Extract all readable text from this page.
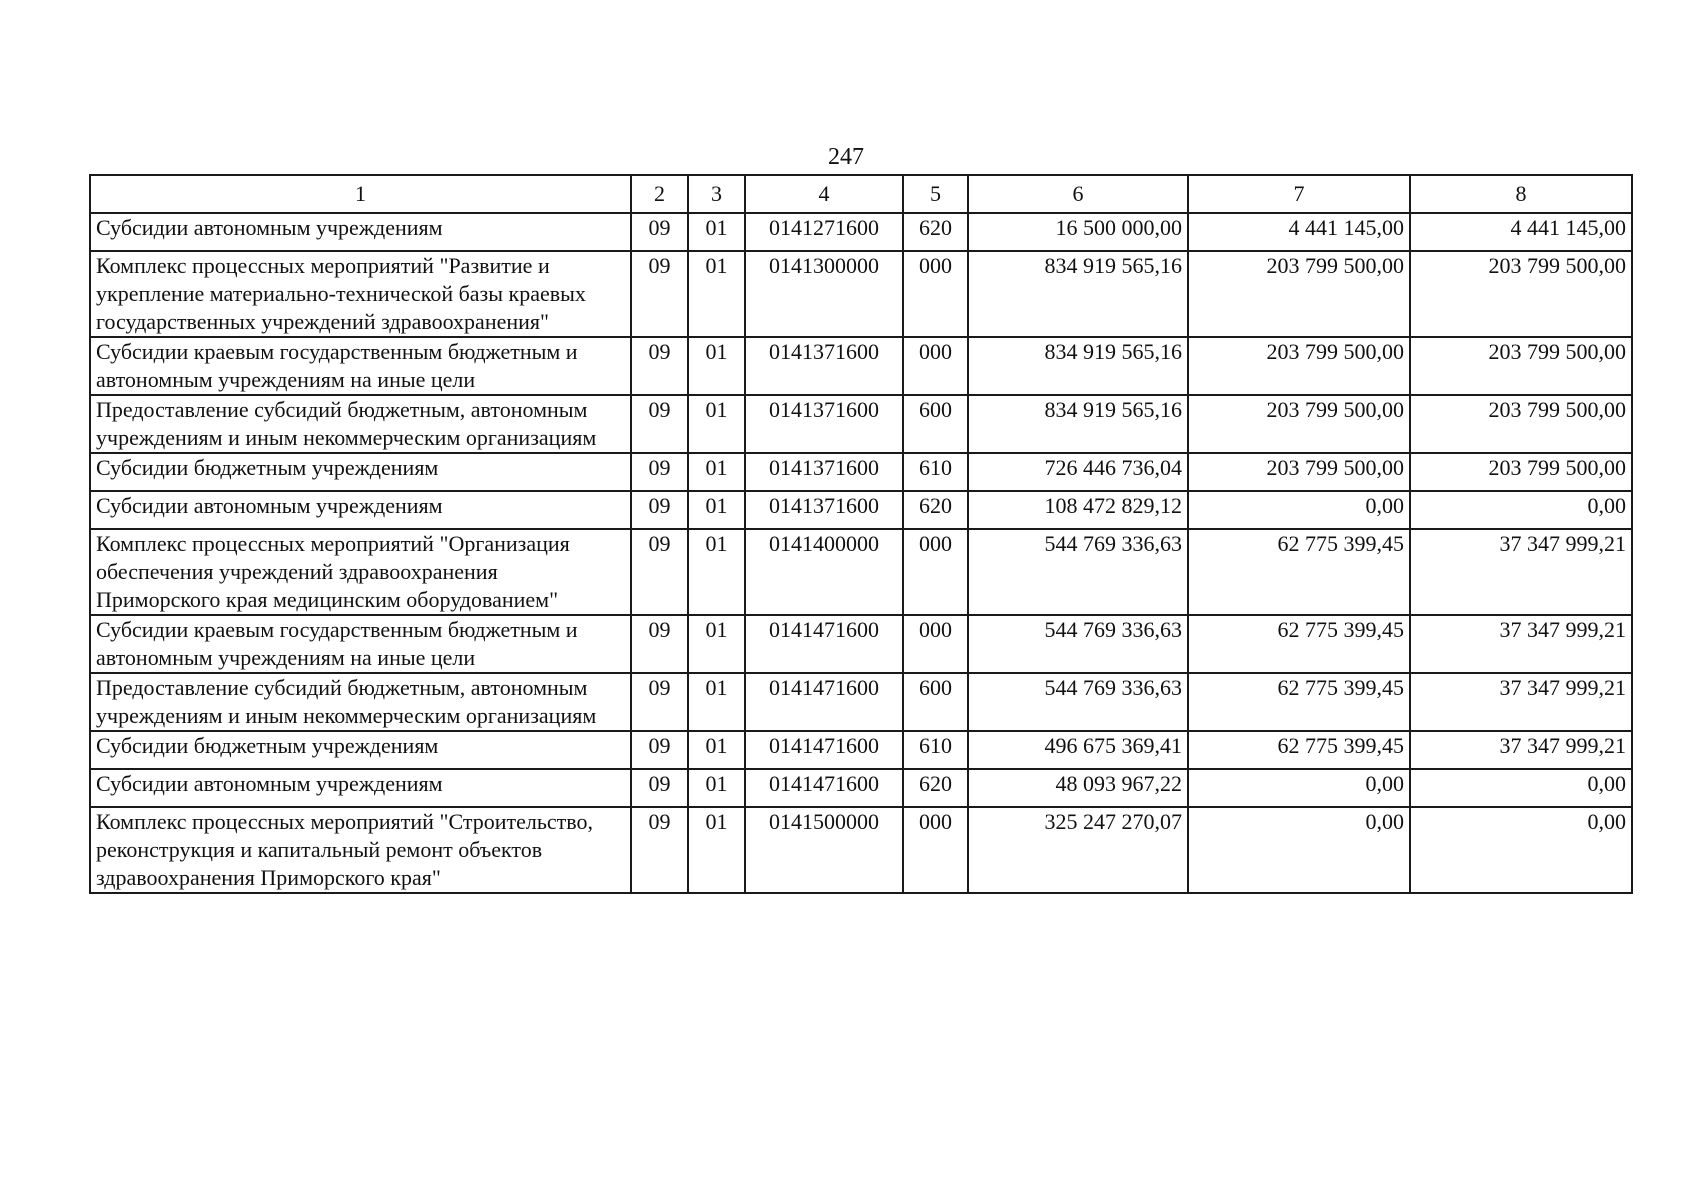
247
1	2	3	4	5	6	7	8
Субсидии автономным учреждениям	09	01	0141271600	620	16 500 000,00	4 441 145,00	4 441 145,00
Комплекс процессных мероприятий "Развитие и укрепление материально-технической базы краевых государственных учреждений здравоохранения"	09	01	0141300000	000	834 919 565,16	203 799 500,00	203 799 500,00
Субсидии краевым государственным бюджетным и автономным учреждениям на иные цели	09	01	0141371600	000	834 919 565,16	203 799 500,00	203 799 500,00
Предоставление субсидий бюджетным, автономным учреждениям и иным некоммерческим организациям	09	01	0141371600	600	834 919 565,16	203 799 500,00	203 799 500,00
Субсидии бюджетным учреждениям	09	01	0141371600	610	726 446 736,04	203 799 500,00	203 799 500,00
Субсидии автономным учреждениям	09	01	0141371600	620	108 472 829,12	0,00	0,00
Комплекс процессных мероприятий "Организация обеспечения учреждений здравоохранения Приморского края медицинским оборудованием"	09	01	0141400000	000	544 769 336,63	62 775 399,45	37 347 999,21
Субсидии краевым государственным бюджетным и автономным учреждениям на иные цели	09	01	0141471600	000	544 769 336,63	62 775 399,45	37 347 999,21
Предоставление субсидий бюджетным, автономным учреждениям и иным некоммерческим организациям	09	01	0141471600	600	544 769 336,63	62 775 399,45	37 347 999,21
Субсидии бюджетным учреждениям	09	01	0141471600	610	496 675 369,41	62 775 399,45	37 347 999,21
Субсидии автономным учреждениям	09	01	0141471600	620	48 093 967,22	0,00	0,00
Комплекс процессных мероприятий "Строительство, реконструкция и капитальный ремонт объектов здравоохранения Приморского края"	09	01	0141500000	000	325 247 270,07	0,00	0,00
